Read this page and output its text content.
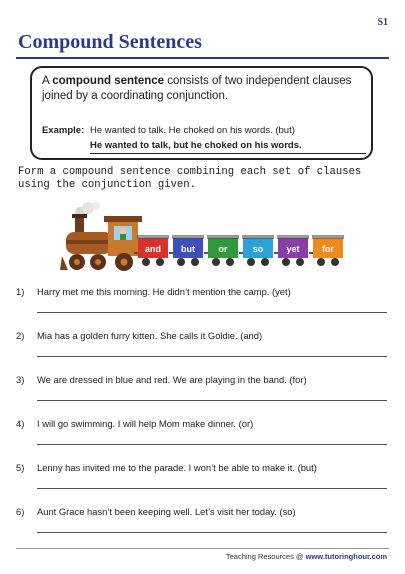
S1
Compound Sentences
A compound sentence consists of two independent clauses joined by a coordinating conjunction.
Example: He wanted to talk. He choked on his words. (but)
He wanted to talk, but he choked on his words.
Form a compound sentence combining each set of clauses using the conjunction given.
and but	or	so	yet for
1) Harry met me this morning. He didn’t mention the camp. (yet)
2) Mia has a golden furry kitten. She calls it Goldie. (and)
3) We are dressed in blue and red. We are playing in the band. (for)
4) I will go swimming. I will help Mom make dinner. (or)
5) Lenny has invited me to the parade. I won’t be able to make it. (but)
6) Aunt Grace hasn’t been keeping well. Let’s visit her today. (so)
Teaching Resources @ www.tutoringhour.com
